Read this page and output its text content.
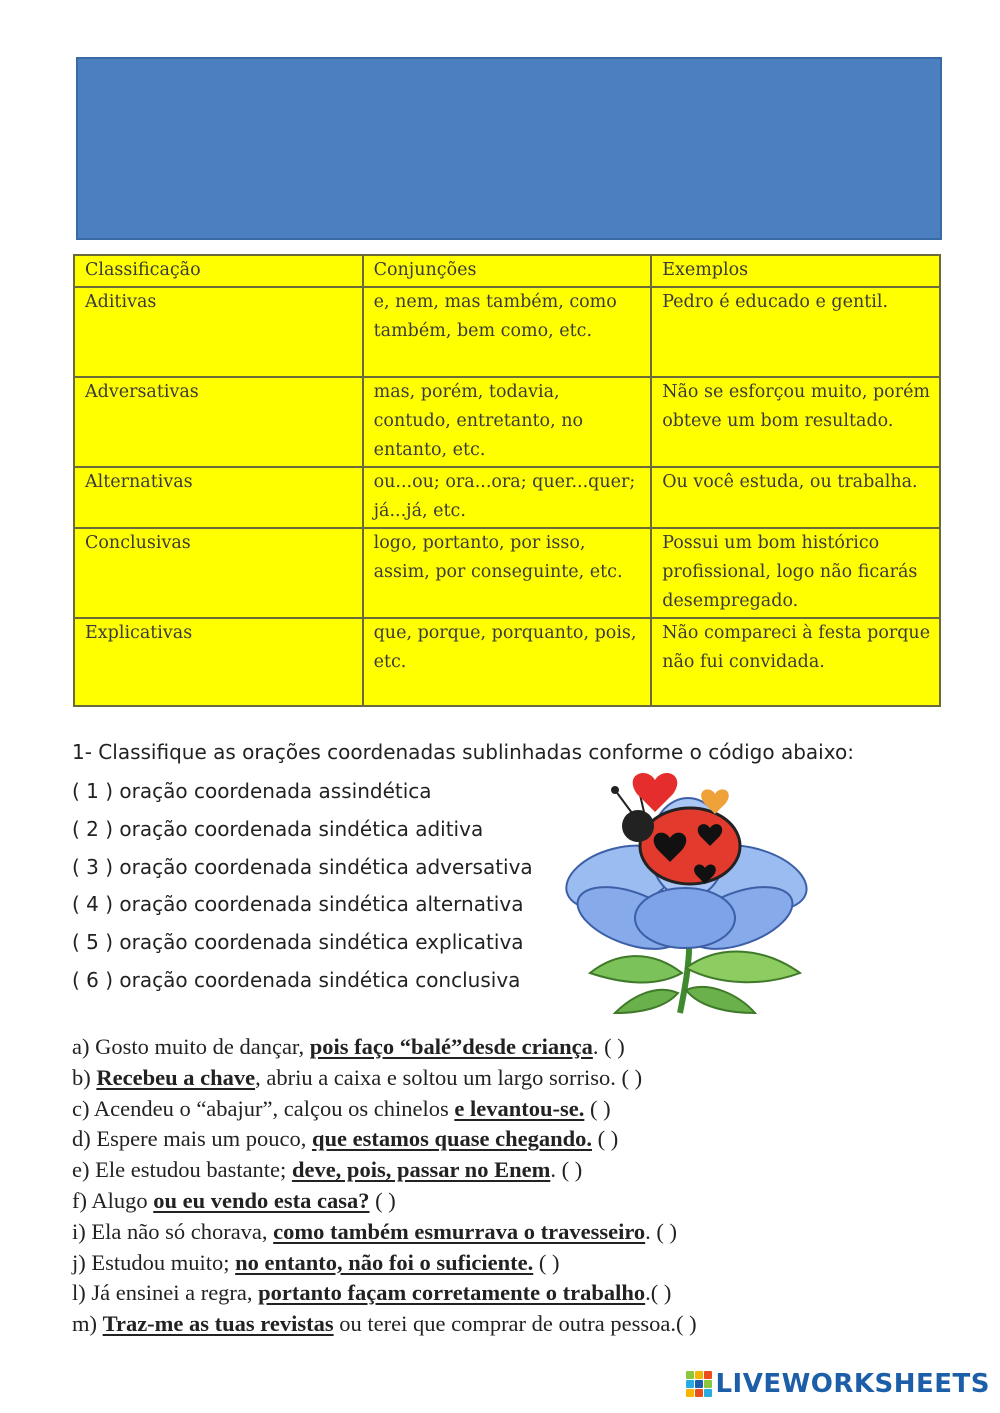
Classificação	Conjunções	Exemplos
Aditivas	e, nem, mas também, como também, bem como, etc.	Pedro é educado e gentil.
Adversativas	mas, porém, todavia, contudo, entretanto, no entanto, etc.	Não se esforçou muito, porém obteve um bom resultado.
Alternativas	ou...ou; ora...ora; quer...quer; já...já, etc.	Ou você estuda, ou trabalha.
Conclusivas	logo, portanto, por isso, assim, por conseguinte, etc.	Possui um bom histórico profissional, logo não ficarás desempregado.
Explicativas	que, porque, porquanto, pois, etc.	Não compareci à festa porque não fui convidada.
1- Classifique as orações coordenadas sublinhadas conforme o código abaixo:
( 1 ) oração coordenada assindética
( 2 ) oração coordenada sindética aditiva
( 3 ) oração coordenada sindética adversativa
( 4 ) oração coordenada sindética alternativa
( 5 ) oração coordenada sindética explicativa
( 6 ) oração coordenada sindética conclusiva
a) Gosto muito de dançar, pois faço “balé”desde criança. ( )
b) Recebeu a chave, abriu a caixa e soltou um largo sorriso. ( )
c) Acendeu o “abajur”, calçou os chinelos e levantou-se. ( )
d) Espere mais um pouco, que estamos quase chegando. ( )
e) Ele estudou bastante; deve, pois, passar no Enem. ( )
f) Alugo ou eu vendo esta casa? ( )
i) Ela não só chorava, como também esmurrava o travesseiro. ( )
j) Estudou muito; no entanto, não foi o suficiente. ( )
l) Já ensinei a regra, portanto façam corretamente o trabalho.( )
m) Traz-me as tuas revistas ou terei que comprar de outra pessoa.( )
LIVEWORKSHEETS
